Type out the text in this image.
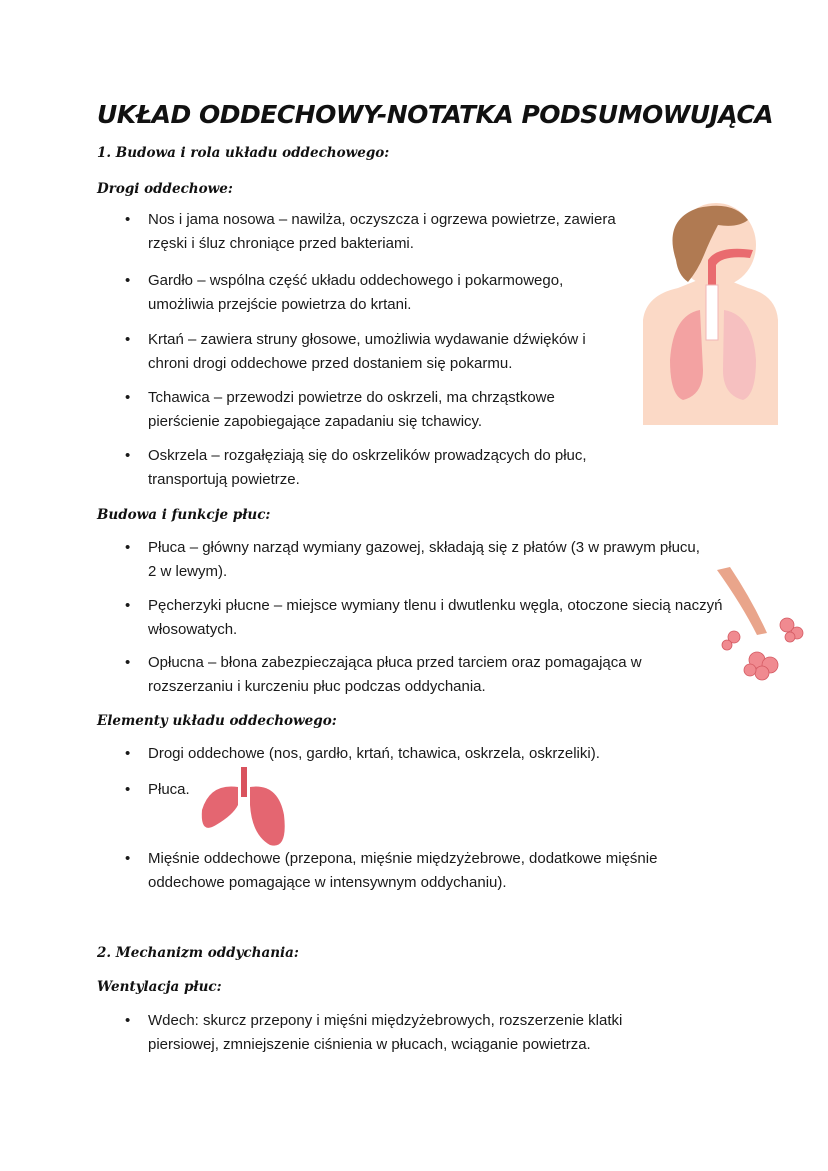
UKŁAD ODDECHOWY-NOTATKA PODSUMOWUJĄCA
1. Budowa i rola układu oddechowego:
Drogi oddechowe:
• Nos i jama nosowa – nawilża, oczyszcza i ogrzewa powietrze, zawiera rzęski i śluz chroniące przed bakteriami.
• Gardło – wspólna część układu oddechowego i pokarmowego, umożliwia przejście powietrza do krtani.
• Krtań – zawiera struny głosowe, umożliwia wydawanie dźwięków i chroni drogi oddechowe przed dostaniem się pokarmu.
• Tchawica – przewodzi powietrze do oskrzeli, ma chrząstkowe pierścienie zapobiegające zapadaniu się tchawicy.
• Oskrzela – rozgałęziają się do oskrzelików prowadzących do płuc, transportują powietrze.
Budowa i funkcje płuc:
• Płuca – główny narząd wymiany gazowej, składają się z płatów (3 w prawym płucu, 2 w lewym).
• Pęcherzyki płucne – miejsce wymiany tlenu i dwutlenku węgla, otoczone siecią naczyń włosowatych.
• Opłucna – błona zabezpieczająca płuca przed tarciem oraz pomagająca w rozszerzaniu i kurczeniu płuc podczas oddychania.
Elementy układu oddechowego:
• Drogi oddechowe (nos, gardło, krtań, tchawica, oskrzela, oskrzeliki).
• Płuca.
• Mięśnie oddechowe (przepona, mięśnie międzyżebrowe, dodatkowe mięśnie oddechowe pomagające w intensywnym oddychaniu).
2. Mechanizm oddychania:
Wentylacja płuc:
• Wdech: skurcz przepony i mięśni międzyżebrowych, rozszerzenie klatki piersiowej, zmniejszenie ciśnienia w płucach, wciąganie powietrza.
